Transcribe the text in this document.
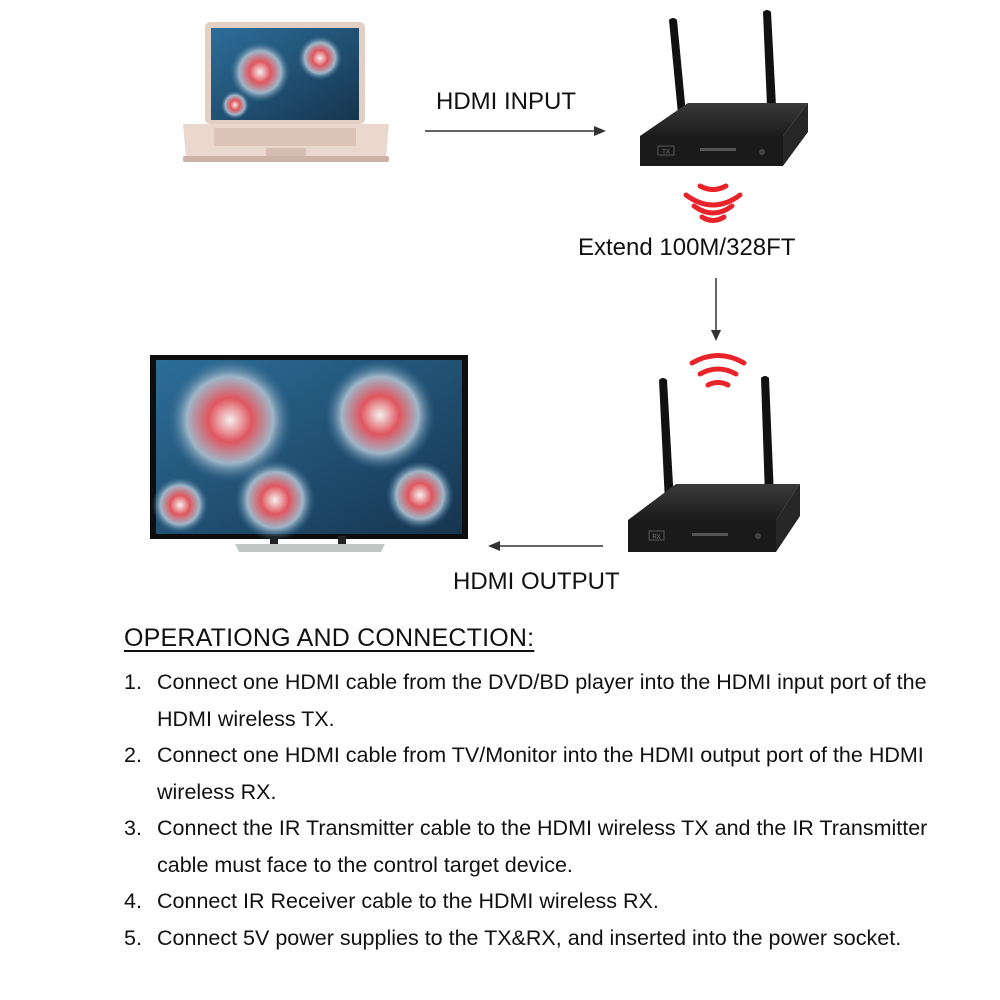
TX
RX
HDMI INPUT
Extend 100M/328FT
HDMI OUTPUT
OPERATIONG AND CONNECTION:
1. Connect one HDMI cable from the DVD/BD player into the HDMI input port of the HDMI wireless TX.
2. Connect one HDMI cable from TV/Monitor into the HDMI output port of the HDMI wireless RX.
3. Connect the IR Transmitter cable to the HDMI wireless TX and the IR Transmitter cable must face to the control target device.
4. Connect IR Receiver cable to the HDMI wireless RX.
5. Connect 5V power supplies to the TX&RX, and inserted into the power socket.
